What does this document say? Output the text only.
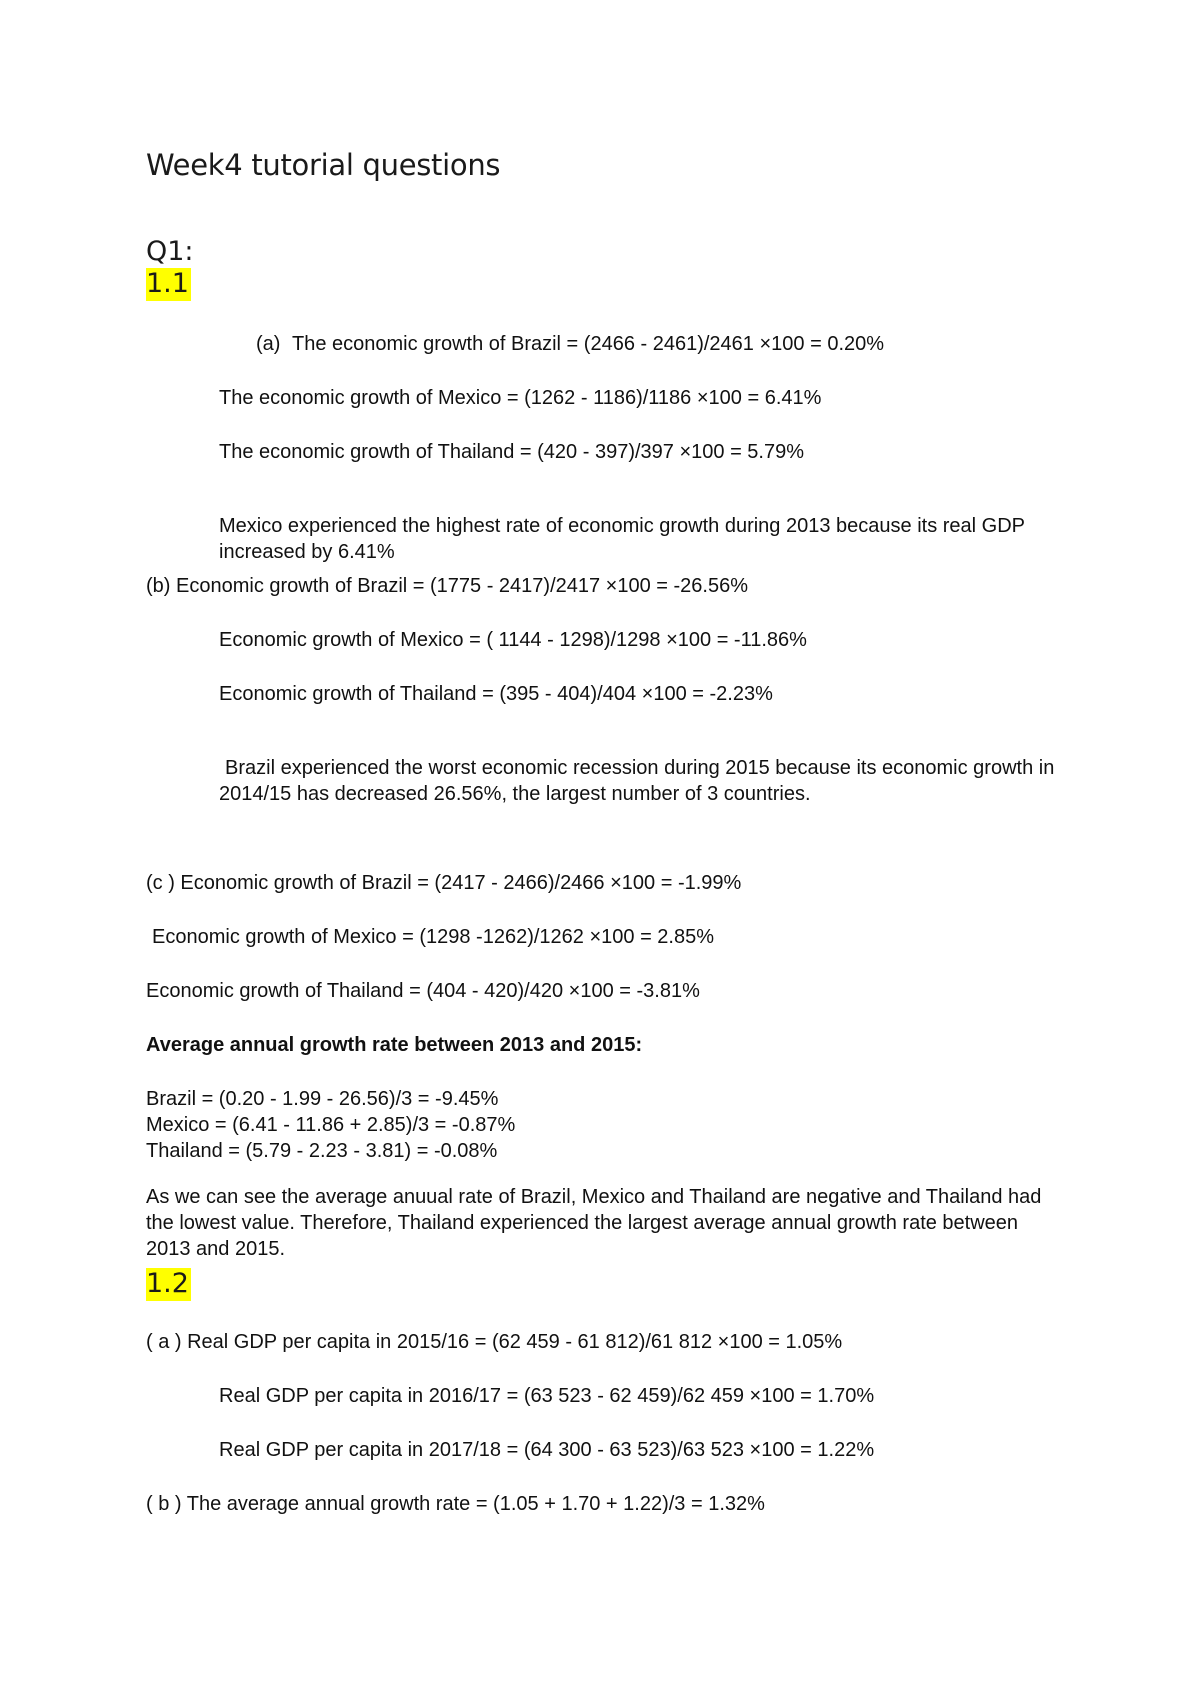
Week4 tutorial questions

Q1:

1.1

(a) The economic growth of Brazil = (2466 - 2461)/2461 ×100 = 0.20%

The economic growth of Mexico = (1262 - 1186)/1186 ×100 = 6.41%

The economic growth of Thailand = (420 - 397)/397 ×100 = 5.79%

Mexico experienced the highest rate of economic growth during 2013 because its real GDP increased by 6.41%

(b) Economic growth of Brazil = (1775 - 2417)/2417 ×100 = -26.56%

Economic growth of Mexico = ( 1144 - 1298)/1298 ×100 = -11.86%

Economic growth of Thailand = (395 - 404)/404 ×100 = -2.23%

Brazil experienced the worst economic recession during 2015 because its economic growth in 2014/15 has decreased 26.56%, the largest number of 3 countries.

(c ) Economic growth of Brazil = (2417 - 2466)/2466 ×100 = -1.99%

Economic growth of Mexico = (1298 -1262)/1262 ×100 = 2.85%

Economic growth of Thailand = (404 - 420)/420 ×100 = -3.81%

Average annual growth rate between 2013 and 2015:

Brazil = (0.20 - 1.99 - 26.56)/3 = -9.45%

Mexico = (6.41 - 11.86 + 2.85)/3 = -0.87%

Thailand = (5.79 - 2.23 - 3.81) = -0.08%

As we can see the average anuual rate of Brazil, Mexico and Thailand are negative and Thailand had the lowest value. Therefore, Thailand experienced the largest average annual growth rate between 2013 and 2015.

1.2

( a ) Real GDP per capita in 2015/16 = (62 459 - 61 812)/61 812 ×100 = 1.05%

Real GDP per capita in 2016/17 = (63 523 - 62 459)/62 459 ×100 = 1.70%

Real GDP per capita in 2017/18 = (64 300 - 63 523)/63 523 ×100 = 1.22%

( b ) The average annual growth rate = (1.05 + 1.70 + 1.22)/3 = 1.32%
